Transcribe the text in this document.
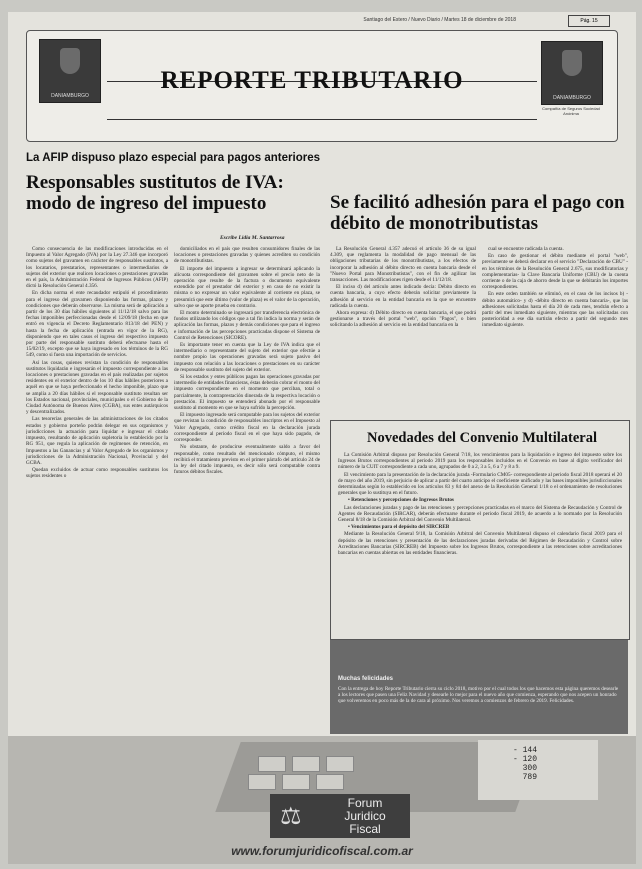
Santiago del Estero / Nuevo Diario / Martes 18 de diciembre de 2018	Pág. 15
DANIAMBURGO	DANIAMBURGO
Compañía de Seguros Sociedad Anónima
REPORTE TRIBUTARIO
La AFIP dispuso plazo especial para pagos anteriores
Responsables sustitutos de IVA: modo de ingreso del impuesto
Escribe Lidia M. Santarrosa

Como consecuencia de las modificaciones introducidas en el Impuesto al Valor Agregado (IVA) por la Ley 27.346 que incorporó como sujetos del gravamen en carácter de responsables sustitutos, a los locatarios, prestatarios, representantes o intermediarios de sujetos del exterior que realicen locaciones o prestaciones gravadas en el país, la Administración Federal de Ingresos Públicos (AFIP) dictó la Resolución General 4.356.

En dicha norma el ente recaudador estipuló el procedimiento para el ingreso del gravamen disponiendo las formas, plazos y condiciones que deberán observarse. La misma será de aplicación a partir de los 30 días hábiles siguientes al 11/12/18 salvo para las fechas imponibles perfeccionadas desde el 12/09/18 (fecha en que entró en vigencia el Decreto Reglamentario 813/18 del PEN) y hasta la fecha de aplicación (entrada en vigor de la RG), disponiendo que en tales casos el ingreso del respectivo impuesto por parte del responsable sustituto deberá efectuarse hasta el 15/02/19, excepto que se haya ingresado en los términos de la RG 549, como si fuera una importación de servicios.

Así las cosas, quienes revistan la condición de responsables sustitutos liquidarán e ingresarán el impuesto correspondiente a las locaciones o prestaciones gravadas en el país realizadas por sujetos residentes en el exterior dentro de los 10 días hábiles posteriores a aquél en que se haya perfeccionado el hecho imponible, plazo que se amplía a 20 días hábiles si el responsable sustituto resultan ser los Estados nacional, provinciales, municipales o el Gobierno de la Ciudad Autónoma de Buenos Aires (CGBA), sus entes autárquicos y descentralizados.

Las tesorerías generales de las administraciones de los citados estados y gobierno porteño podrán delegar en sus organismos y jurisdicciones la actuación para liquidar e ingresar el citado impuesto, resultando de aplicación supletoria lo establecido por la RG 951, que regula la aplicación de regímenes de retención, en Impuestos a las Ganancias y al Valor Agregado de los organismos y jurisdicciones de la Administración Nacional, Provincial y del GCBA.

Quedan excluidos de actuar como responsables sustitutos los sujetos residentes o

domiciliados en el país que resulten consumidores finales de las locaciones o prestaciones gravadas y quienes acrediten su condición de monotributistas.

El importe del impuesto a ingresar se determinará aplicando la alícuota correspondiente del gravamen sobre el precio neto de la operación que resulte de la factura o documento equivalente extendido por el prestador del exterior y en caso de no existir la misma o no expresar un valor equivalente al corriente en plaza, se presumirá que este último (valor de plaza) es el valor de la operación, salvo que se aporte prueba en contrario.

El monto determinado se ingresará por transferencia electrónica de fondos utilizando los códigos que a tal fin indica la norma y serán de aplicación las formas, plazos y demás condiciones que para el ingreso e información de las percepciones practicadas dispone el Sistema de Control de Retenciones (SICORE).

Es importante tener en cuenta que la Ley de IVA indica que el intermediario o representante del sujeto del exterior que efectúe a nombre propio las operaciones gravadas será sujeto pasivo del impuesto con relación a las locaciones o prestaciones en su carácter de responsable sustituto del sujeto del exterior.

Si los estados y entes públicos pagan las operaciones gravadas por intermedio de entidades financieras, éstas deberán cobrar el monto del impuesto correspondiente en el momento que perciban, total o parcialmente, la contraprestación dinerada de la respectiva locación o prestación. El impuesto se entenderá abonado por el responsable sustituto al momento en que se haya sufrido la percepción.

El impuesto ingresado será computable para los sujetos del exterior que revistan la condición de responsables inscriptos en el Impuesto al Valor Agregado, como crédito fiscal en la declaración jurada correspondiente al período fiscal en el que haya sido pagado, de corresponder.

No obstante, de producirse eventualmente saldo a favor del responsable, como resultado del mencionado cómputo, el mismo recibirá el tratamiento previsto en el primer párrafo del artículo 24 de la ley del citado impuesto, es decir sólo será computable contra futuros débitos fiscales.

Se facilitó adhesión para el pago con débito de monotributistas

La Resolución General 4.357 adecuó el artículo 36 de su igual 4.309, que reglamenta la modalidad de pago mensual de las obligaciones tributarias de los monotributistas, a los efectos de incorporar la adhesión al débito directo en cuenta bancaria desde el "Nuevo Portal para Monotributistas", con el fin de agilizar las transacciones. Las modificaciones rigen desde el 11/12/18.

El inciso d) del artículo antes indicado decía: Débito directo en cuenta bancaria, a cuyo efecto deberán solicitar previamente la adhesión al servicio en la entidad bancaria en la que se encuentre radicada la cuenta.

Ahora expresa: d) Débito directo en cuenta bancaria, el que podrá gestionarse a través del portal "web", opción "Pagos", o bien solicitando la adhesión al servicio en la entidad bancaria en la

cual se encuentre radicada la cuenta.

En caso de gestionar el débito mediante el portal "web", previamente se deberá declarar en el servicio "Declaración de CBU" -en los términos de la Resolución General 2.675, sus modificatorias y complementarias- la Clave Bancaria Uniforme (CBU) de la cuenta corriente o de la caja de ahorro desde la que se debitarán los importes correspondientes.

En este orden también se eliminó, en el caso de los incisos b) -débito automático- y d) -débito directo en cuenta bancaria-, que las adhesiones solicitadas hasta el día 20 de cada mes, tendrán efecto a partir del mes inmediato siguiente, mientras que las solicitadas con posterioridad a ese día surtirán efecto a partir del segundo mes inmediato siguiente.

Novedades del Convenio Multilateral

La Comisión Arbitral dispuso por Resolución General 7/18, los vencimientos para la liquidación e ingreso del impuesto sobre los Ingresos Brutos correspondientes al periodo 2019 para los responsables incluidos en el Convenio en base al dígito verificador del número de la CUIT correspondiente a cada uno, agrupados de 0 a 2, 3 a 5, 6 a 7 y 8 a 9.

El vencimiento para la presentación de la declaración jurada -Formulario CM05- correspondiente al periodo fiscal 2018 operará el 20 de mayo del año 2019, sin perjuicio de aplicar a partir del cuarto anticipo el coeficiente unificado y las bases imponibles jurisdiccionales determinadas según lo establecido en los artículos 83 y 84 del anexo de la Resolución General 1/18 o el ordenamiento de resoluciones generales que lo sustituya en el futuro.

• Retenciones y percepciones de Ingresos Brutos

Las declaraciones juradas y pago de las retenciones y percepciones practicadas en el marco del Sistema de Recaudación y Control de Agentes de Recaudación (SIRCAR), deberán efectuarse durante el periodo fiscal 2019, de acuerdo a lo normado por la Resolución General 8/18 de la Comisión Arbitral del Convenio Multilateral.

• Vencimientos para el depósito del SIRCREB

Mediante la Resolución General 9/18, la Comisión Arbitral del Convenio Multilateral dispuso el calendario fiscal 2019 para el depósito de las retenciones y presentación de las declaraciones juradas derivadas del Régimen de Recaudación y Control sobre Acreditaciones Bancarias (SIRCREB) del Impuesto sobre los Ingresos Brutos, correspondiente a las retenciones sobre acreditaciones bancarias en cuentas abiertas en las entidades financieras.

Muchas felicidades
Con la entrega de hoy Reporte Tributario cierra su ciclo 2018, motivo por el cual todos los que hacemos esta página queremos desearle a los lectores que pasen una Feliz Navidad y desearle lo mejor para el nuevo año que comienza, esperando que nos acepen un honrado que volveremos en poco más de la de cara al próximo. Nos veremos a comienzos de febrero de 2019. Felicidades.
- 144
- 120
300
789
⚖	Forum
Juridico
Fiscal
www.forumjuridicofiscal.com.ar
